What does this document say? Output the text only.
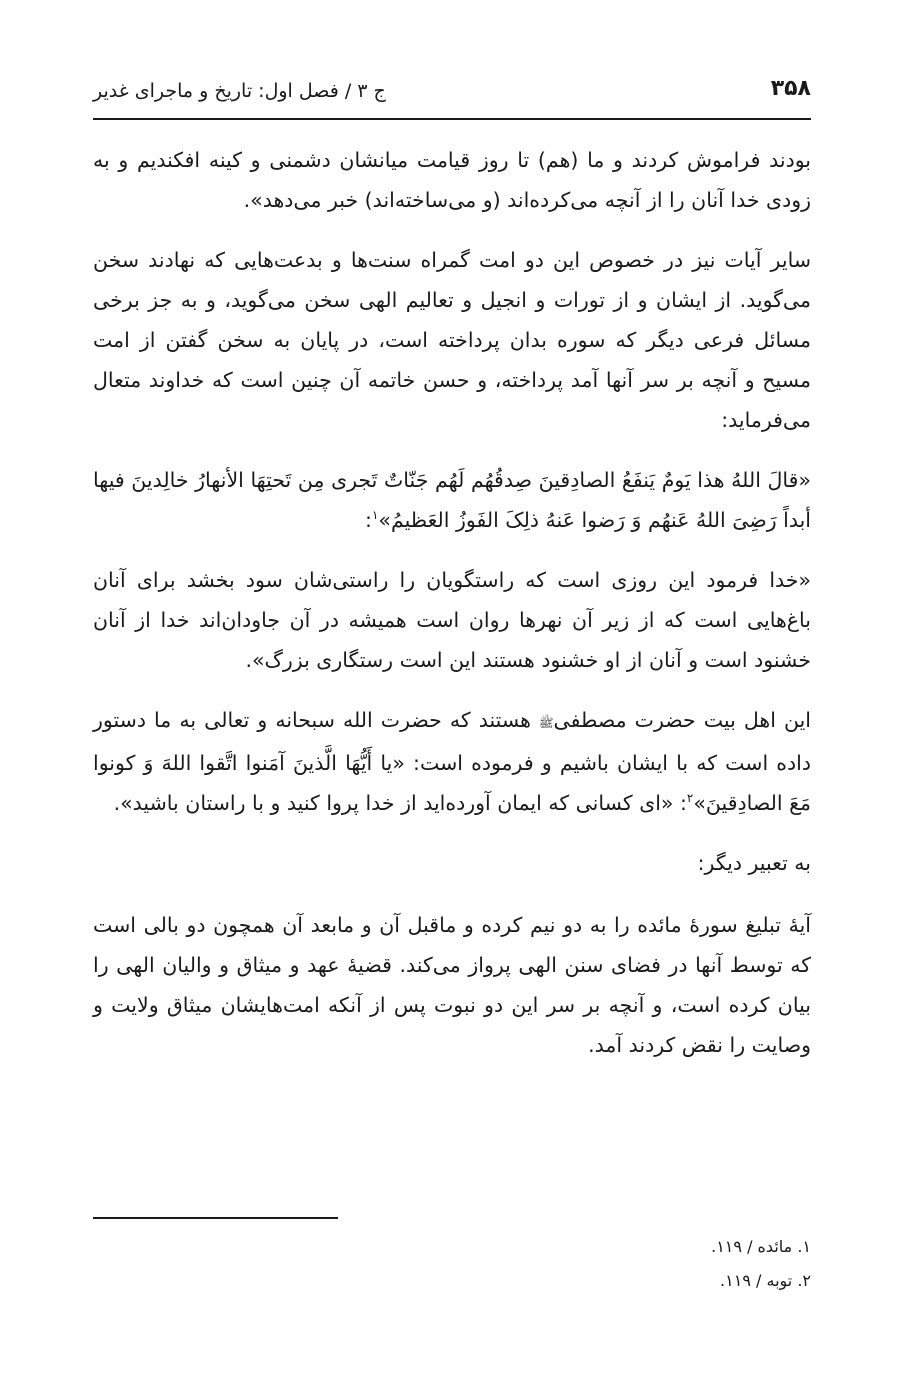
۳۵۸
ج ۳ / فصل اول: تاریخ و ماجرای غدیر

بودند فراموش کردند و ما (هم) تا روز قیامت میانشان دشمنی و کینه افکندیم و به زودی خدا آنان را از آنچه می‌کرده‌اند (و می‌ساخته‌اند) خبر می‌دهد».

سایر آیات نیز در خصوص این دو امت گمراه سنت‌ها و بدعت‌هایی که نهادند سخن می‌گوید. از ایشان و از تورات و انجیل و تعالیم الهی سخن می‌گوید، و به جز برخی مسائل فرعی دیگر که سوره بدان پرداخته است، در پایان به سخن گفتن از امت مسیح و آنچه بر سر آنها آمد پرداخته، و حسن خاتمه آن چنین است که خداوند متعال می‌فرماید:

«قالَ اللهُ هذا یَومٌ یَنفَعُ الصادِقینَ صِدقُهُم لَهُم جَنّاتٌ تَجری مِن تَحتِهَا الأنهارُ خالِدینَ فیها أبداً رَضِیَ اللهُ عَنهُم وَ رَضوا عَنهُ ذلِکَ الفَوزُ العَظیمُ»$^۱$:

«خدا فرمود این روزی است که راستگویان را راستی‌شان سود بخشد برای آنان باغ‌هایی است که از زیر آن نهرها روان است همیشه در آن جاودان‌اند خدا از آنان خشنود است و آنان از او خشنود هستند این است رستگاری بزرگ».

این اهل بیت حضرت مصطفیﷺ هستند که حضرت الله سبحانه و تعالی به ما دستور داده است که با ایشان باشیم و فرموده است: «یا أَیُّهَا الَّذینَ آمَنوا اتَّقوا اللهَ وَ کونوا مَعَ الصادِقینَ»$^۲$: «ای کسانی که ایمان آورده‌اید از خدا پروا کنید و با راستان باشید».

به تعبیر دیگر:

آیهٔ تبلیغ سورهٔ مائده را به دو نیم کرده و ماقبل آن و مابعد آن همچون دو بالی است که توسط آنها در فضای سنن الهی پرواز می‌کند. قضیهٔ عهد و میثاق و والیان الهی را بیان کرده است، و آنچه بر سر این دو نبوت پس از آنکه امت‌هایشان میثاق ولایت و وصایت را نقض کردند آمد.

۱. مائده / ۱۱۹.
۲. توبه / ۱۱۹.
